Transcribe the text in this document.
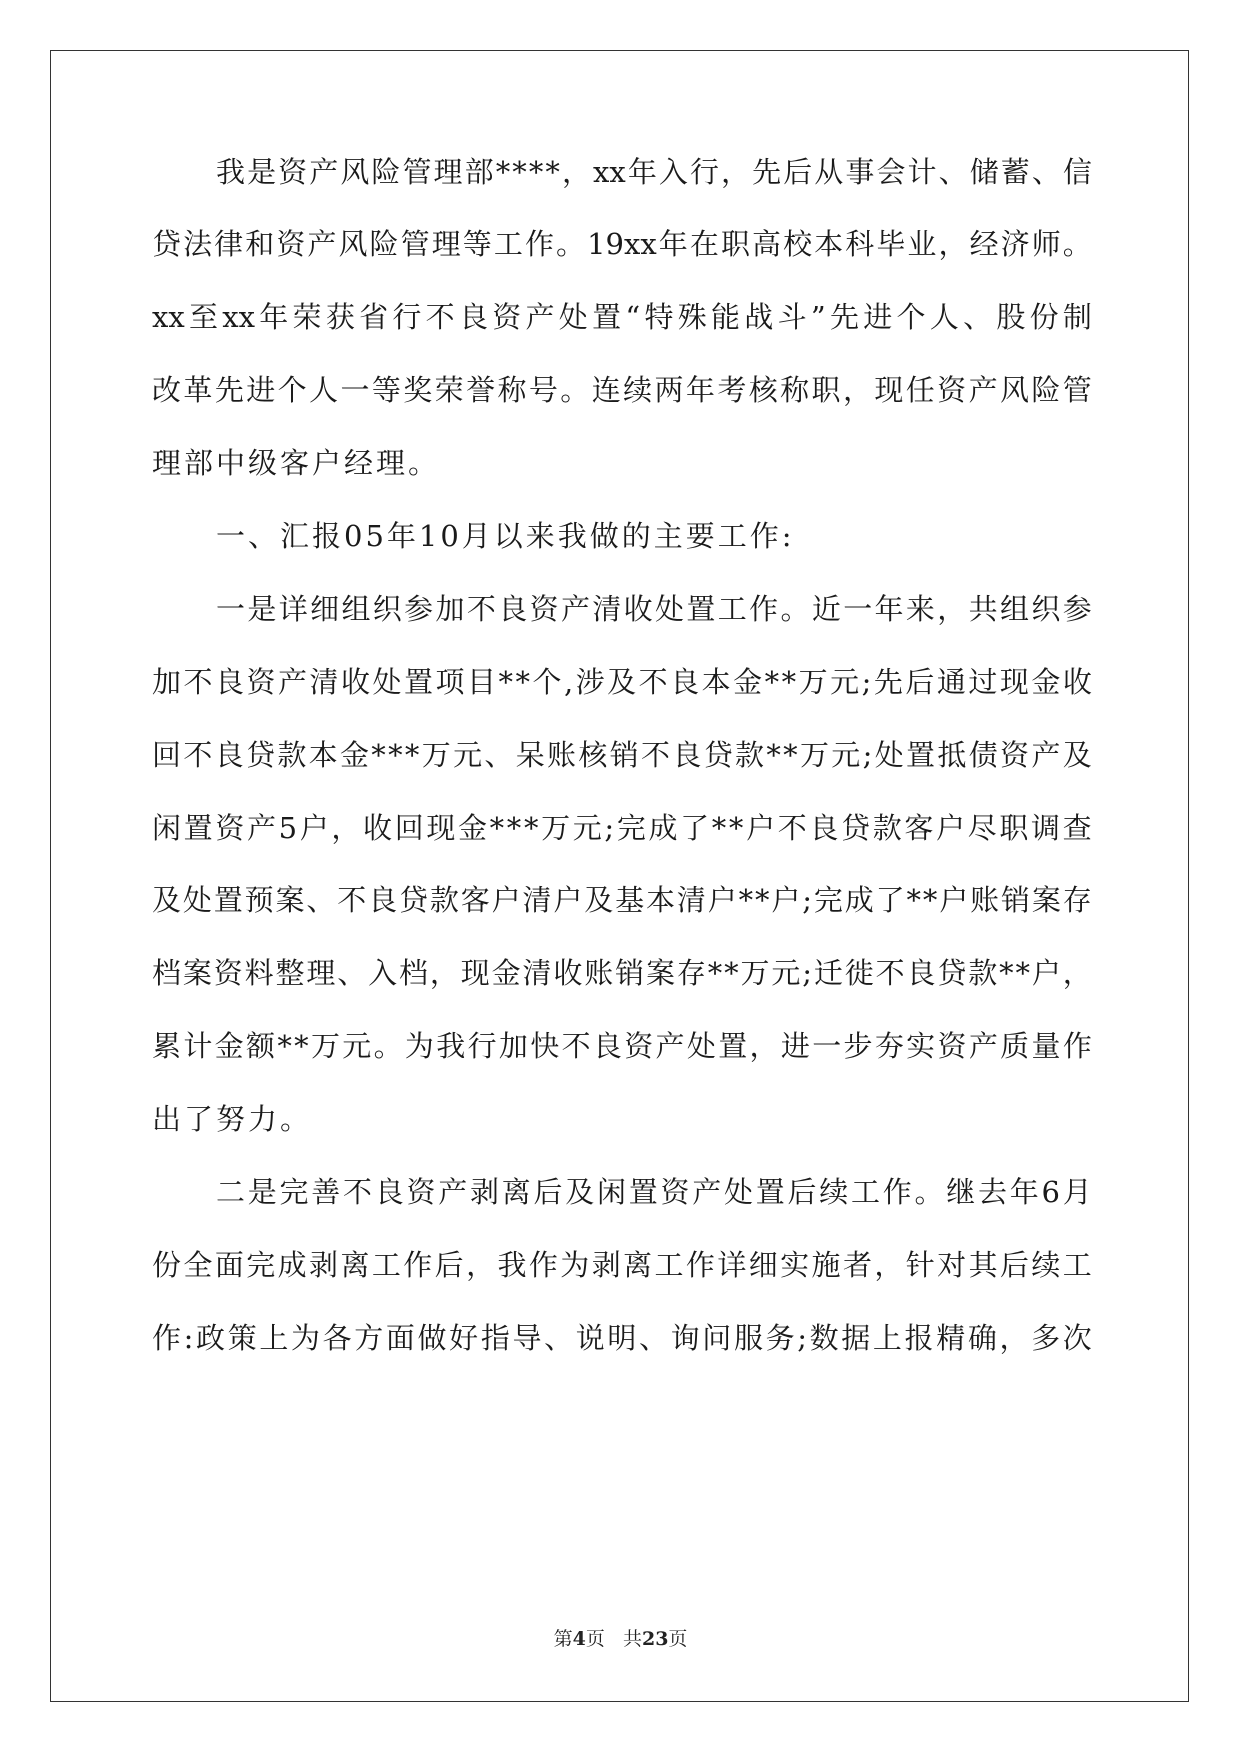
我 是 资 产 风 险 管 理 部 * * * * ， xx 年 入 行 ， 先 后 从 事 会 计 、 储 蓄 、 信
贷 法 律 和 资 产 风 险 管 理 等 工 作 。 19xx 年 在 职 高 校 本 科 毕 业 ， 经 济 师 。
xx 至 xx 年 荣 获 省 行 不 良 资 产 处 置 “ 特 殊 能 战 斗 ” 先 进 个 人 、 股 份 制
改 革 先 进 个 人 一 等 奖 荣 誉 称 号 。 连 续 两 年 考 核 称 职 ， 现 任 资 产 风 险 管
理部中级客户经理。
一、汇报05年10月以来我做的主要工作:
一 是 详 细 组 织 参 加 不 良 资 产 清 收 处 置 工 作 。 近 一 年 来 ， 共 组 织 参
加 不 良 资 产 清 收 处 置 项 目 * * 个 , 涉 及 不 良 本 金 * * 万 元 ; 先 后 通 过 现 金 收
回 不 良 贷 款 本 金 * * * 万 元 、 呆 账 核 销 不 良 贷 款 * * 万 元 ; 处 置 抵 债 资 产 及
闲 置 资 产 5 户 ， 收 回 现 金 * * * 万 元 ; 完 成 了 * * 户 不 良 贷 款 客 户 尽 职 调 查
及 处 置 预 案 、 不 良 贷 款 客 户 清 户 及 基 本 清 户 * * 户 ; 完 成 了 * * 户 账 销 案 存
档 案 资 料 整 理 、 入 档 ， 现 金 清 收 账 销 案 存 * * 万 元 ; 迁 徙 不 良 贷 款 * * 户 ，
累 计 金 额 * * 万 元 。 为 我 行 加 快 不 良 资 产 处 置 ， 进 一 步 夯 实 资 产 质 量 作
出了努力。
二 是 完 善 不 良 资 产 剥 离 后 及 闲 置 资 产 处 置 后 续 工 作 。 继 去 年 6 月
份 全 面 完 成 剥 离 工 作 后 ， 我 作 为 剥 离 工 作 详 细 实 施 者 ， 针 对 其 后 续 工
作 : 政 策 上 为 各 方 面 做 好 指 导 、 说 明 、 询 问 服 务 ; 数 据 上 报 精 确 ， 多 次
第4页 共23页
